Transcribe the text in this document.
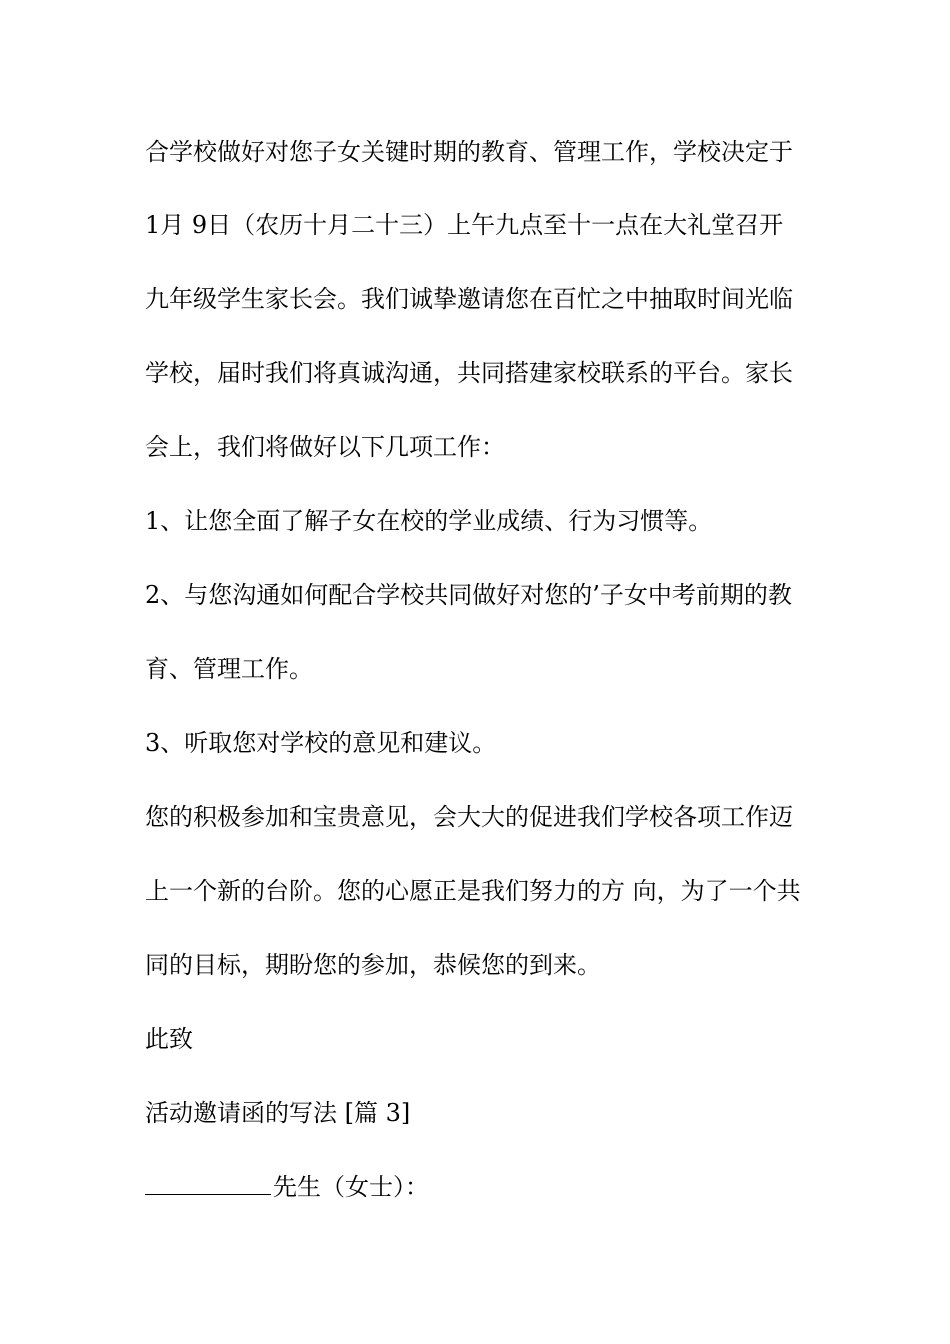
合学校做好对您子女关键时期的教育、管理工作，学校决定于
1月 9日（农历十月二十三）上午九点至十一点在大礼堂召开
九年级学生家长会。我们诚挚邀请您在百忙之中抽取时间光临
学校，届时我们将真诚沟通，共同搭建家校联系的平台。家长
会上，我们将做好以下几项工作：
1、让您全面了解子女在校的学业成绩、行为习惯等。
2、与您沟通如何配合学校共同做好对您的’子女中考前期的教
育、管理工作。
3、听取您对学校的意见和建议。
您的积极参加和宝贵意见，会大大的促进我们学校各项工作迈
上一个新的台阶。您的心愿正是我们努力的方 向，为了一个共
同的目标，期盼您的参加，恭候您的到来。
此致
活动邀请函的写法 [篇 3]
先生（女士）：
